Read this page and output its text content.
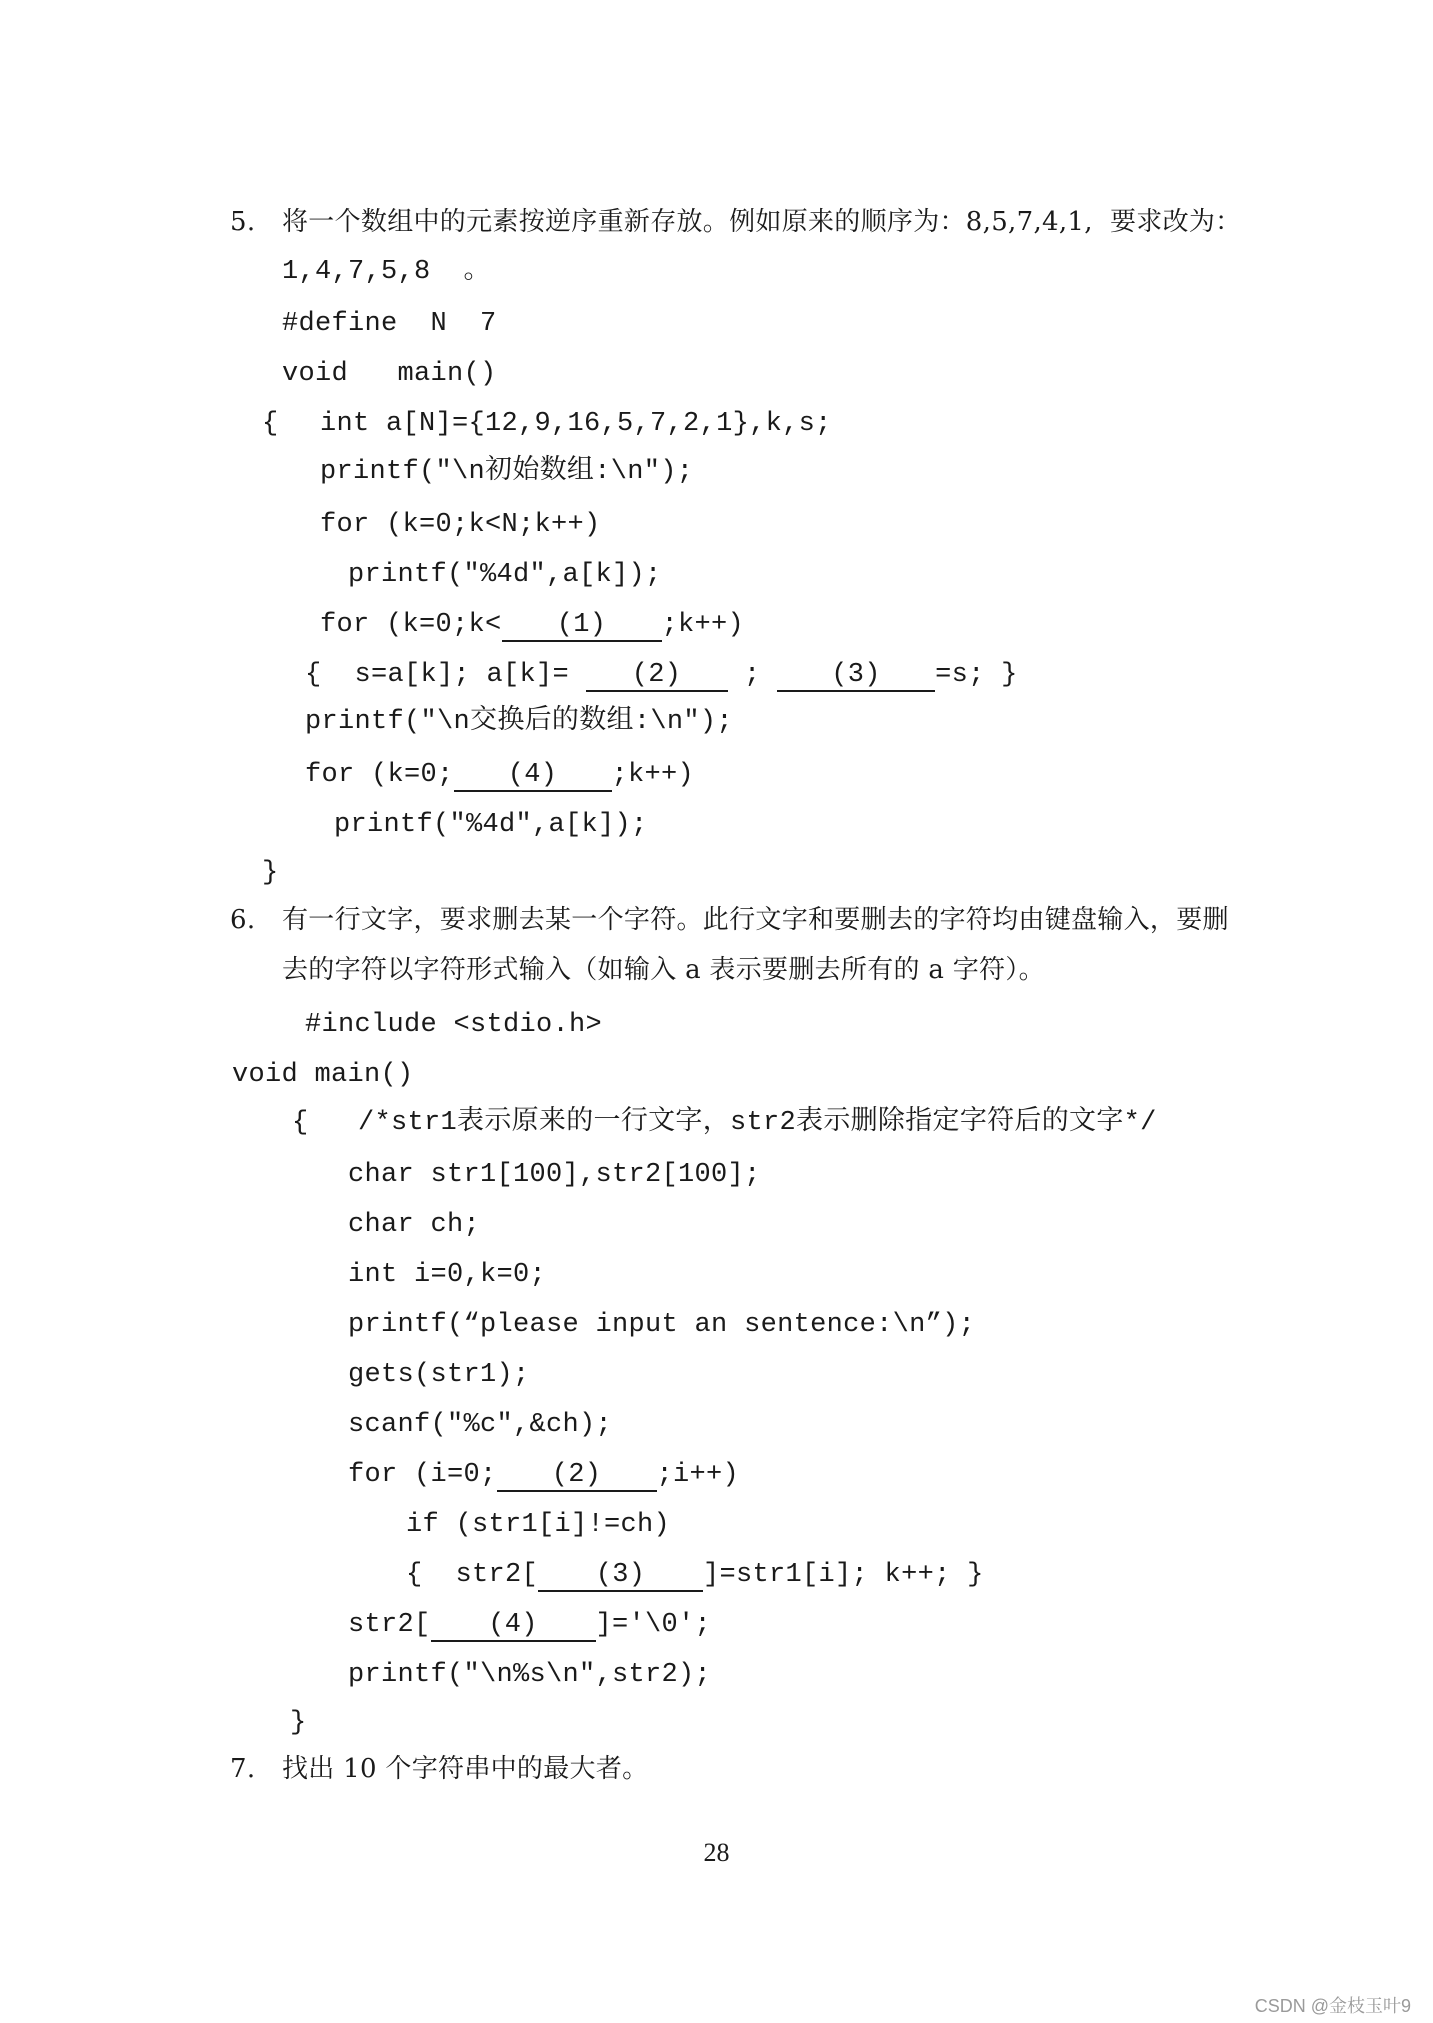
5. 将一个数组中的元素按逆序重新存放。例如原来的顺序为：8,5,7,4,1,  要求改为：
1,4,7,5,8  。
#define  N  7
void   main()
{ int a[N]={12,9,16,5,7,2,1},k,s;
printf("\n初始数组:\n");
for (k=0;k<N;k++)
printf("%4d",a[k]);
for (k=0;k< (1) ;k++)
{  s=a[k]; a[k]= (2) ; (3) =s; }
printf("\n交换后的数组:\n");
for (k=0; (4) ;k++)
printf("%4d",a[k]);
}
6. 有一行文字，要求删去某一个字符。此行文字和要删去的字符均由键盘输入，要删
去的字符以字符形式输入（如输入 a 表示要删去所有的 a 字符）。
#include <stdio.h>
void main()
{   /*str1表示原来的一行文字，str2表示删除指定字符后的文字*/
char str1[100],str2[100];
char ch;
int i=0,k=0;
printf(“please input an sentence:\n”);
gets(str1);
scanf("%c",&ch);
for (i=0; (2) ;i++)
if (str1[i]!=ch)
{  str2[ (3) ]=str1[i]; k++; }
str2[ (4) ]='\0';
printf("\n%s\n",str2);
}
7. 找出 10 个字符串中的最大者。
28
CSDN @金枝玉叶9
